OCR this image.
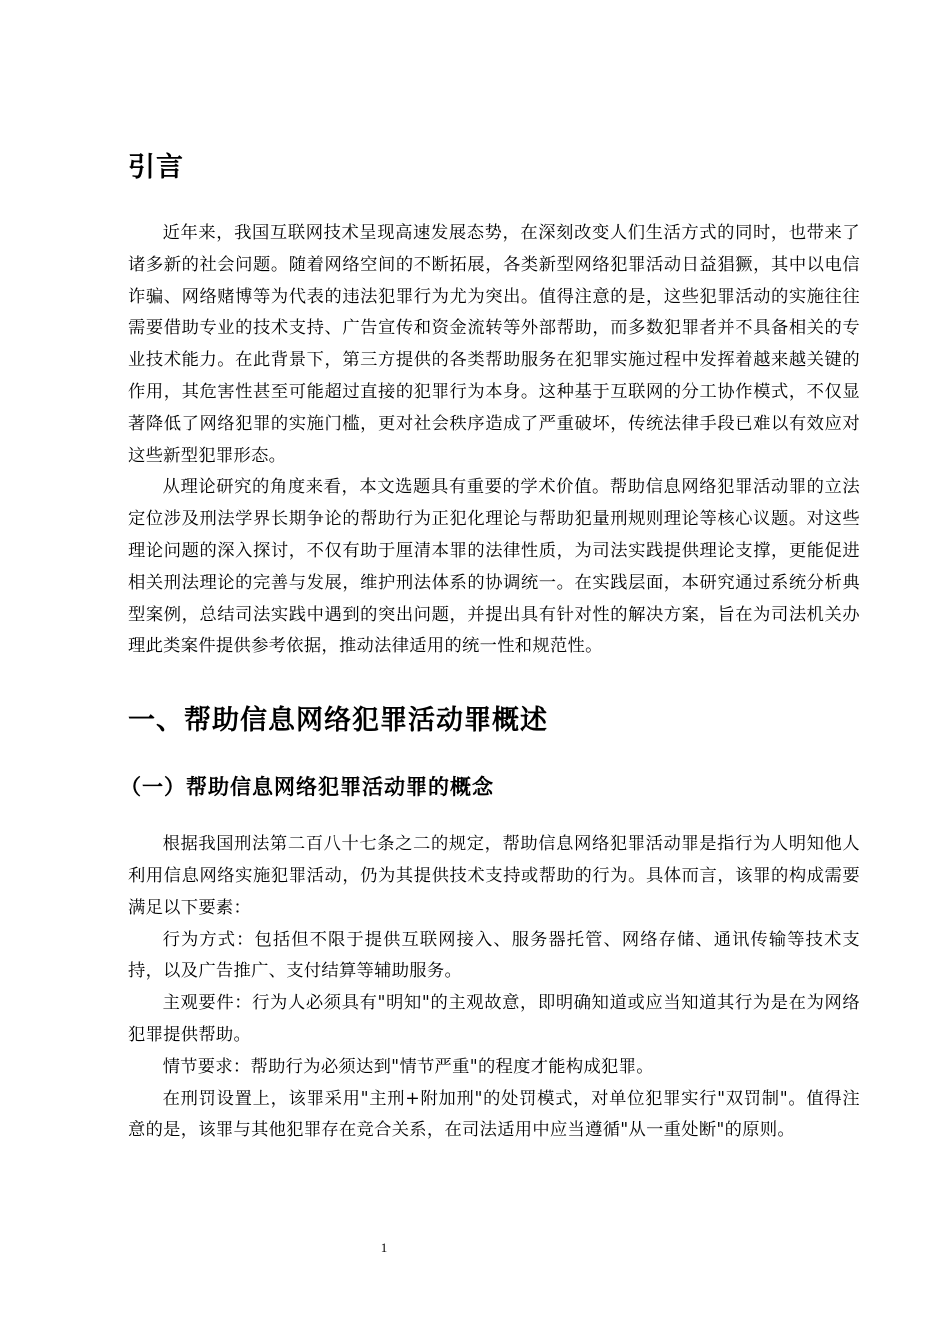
引言

近年来，我国互联网技术呈现高速发展态势，在深刻改变人们生活方式的同时，也带来了诸多新的社会问题。随着网络空间的不断拓展，各类新型网络犯罪活动日益猖獗，其中以电信诈骗、网络赌博等为代表的违法犯罪行为尤为突出。值得注意的是，这些犯罪活动的实施往往需要借助专业的技术支持、广告宣传和资金流转等外部帮助，而多数犯罪者并不具备相关的专业技术能力。在此背景下，第三方提供的各类帮助服务在犯罪实施过程中发挥着越来越关键的作用，其危害性甚至可能超过直接的犯罪行为本身。这种基于互联网的分工协作模式，不仅显著降低了网络犯罪的实施门槛，更对社会秩序造成了严重破坏，传统法律手段已难以有效应对这些新型犯罪形态。

从理论研究的角度来看，本文选题具有重要的学术价值。帮助信息网络犯罪活动罪的立法定位涉及刑法学界长期争论的帮助行为正犯化理论与帮助犯量刑规则理论等核心议题。对这些理论问题的深入探讨，不仅有助于厘清本罪的法律性质，为司法实践提供理论支撑，更能促进相关刑法理论的完善与发展，维护刑法体系的协调统一。在实践层面，本研究通过系统分析典型案例，总结司法实践中遇到的突出问题，并提出具有针对性的解决方案，旨在为司法机关办理此类案件提供参考依据，推动法律适用的统一性和规范性。

一、帮助信息网络犯罪活动罪概述
（一）帮助信息网络犯罪活动罪的概念

根据我国刑法第二百八十七条之二的规定，帮助信息网络犯罪活动罪是指行为人明知他人利用信息网络实施犯罪活动，仍为其提供技术支持或帮助的行为。具体而言，该罪的构成需要满足以下要素：

行为方式：包括但不限于提供互联网接入、服务器托管、网络存储、通讯传输等技术支持，以及广告推广、支付结算等辅助服务。

主观要件：行为人必须具有"明知"的主观故意，即明确知道或应当知道其行为是在为网络犯罪提供帮助。

情节要求：帮助行为必须达到"情节严重"的程度才能构成犯罪。

在刑罚设置上，该罪采用"主刑+附加刑"的处罚模式，对单位犯罪实行"双罚制"。值得注意的是，该罪与其他犯罪存在竞合关系，在司法适用中应当遵循"从一重处断"的原则。

1
